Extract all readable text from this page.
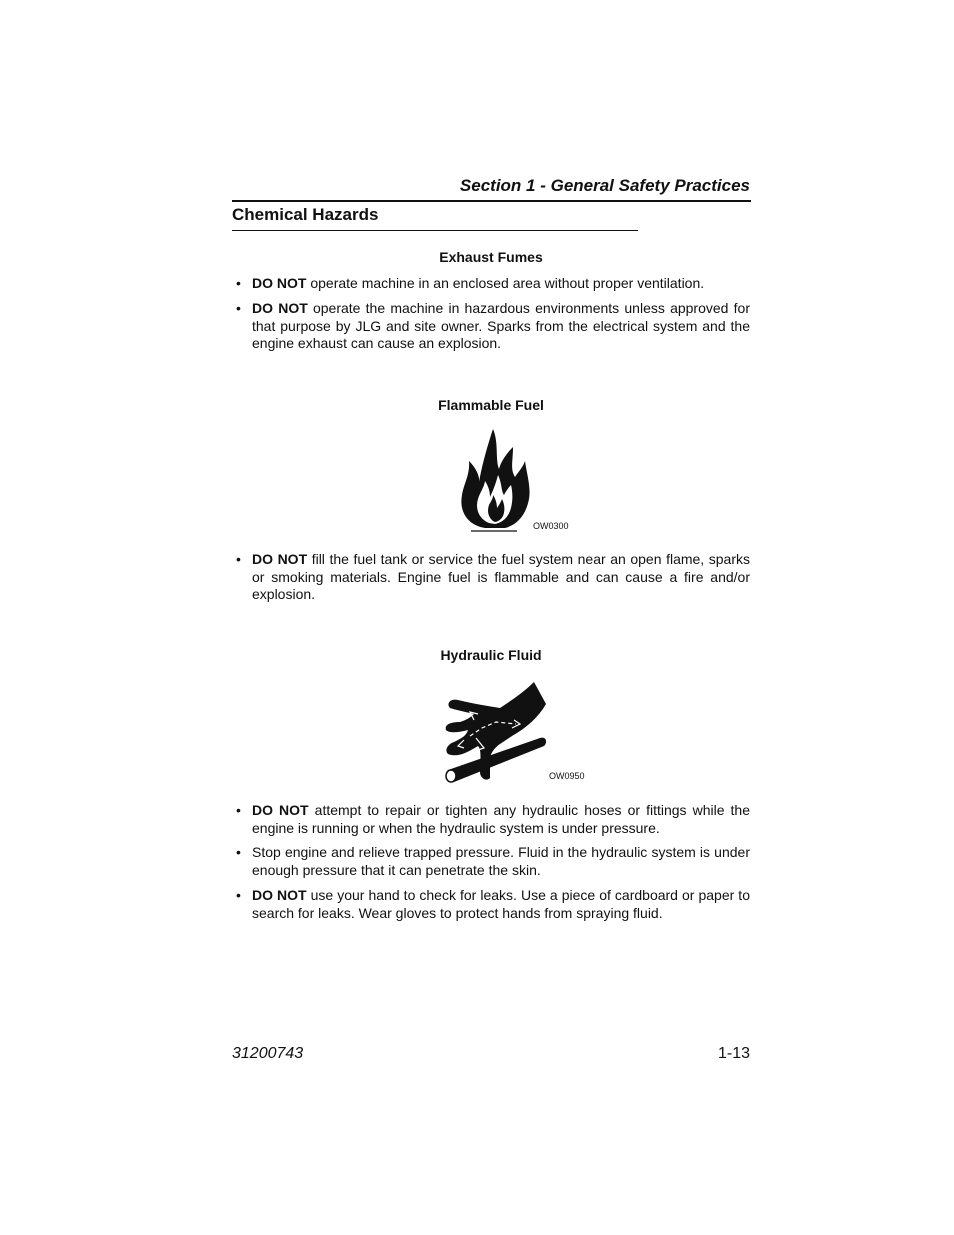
Section 1 - General Safety Practices
Chemical Hazards
Exhaust Fumes
• DO NOT operate machine in an enclosed area without proper ventilation.
• DO NOT operate the machine in hazardous environments unless approved for that purpose by JLG and site owner. Sparks from the electrical system and the engine exhaust can cause an explosion.
Flammable Fuel
OW0300
• DO NOT fill the fuel tank or service the fuel system near an open flame, sparks or smoking materials. Engine fuel is flammable and can cause a fire and/or explosion.
Hydraulic Fluid
OW0950
• DO NOT attempt to repair or tighten any hydraulic hoses or fittings while the engine is running or when the hydraulic system is under pressure.
• Stop engine and relieve trapped pressure. Fluid in the hydraulic system is under enough pressure that it can penetrate the skin.
• DO NOT use your hand to check for leaks. Use a piece of cardboard or paper to search for leaks. Wear gloves to protect hands from spraying fluid.
31200743	1-13
